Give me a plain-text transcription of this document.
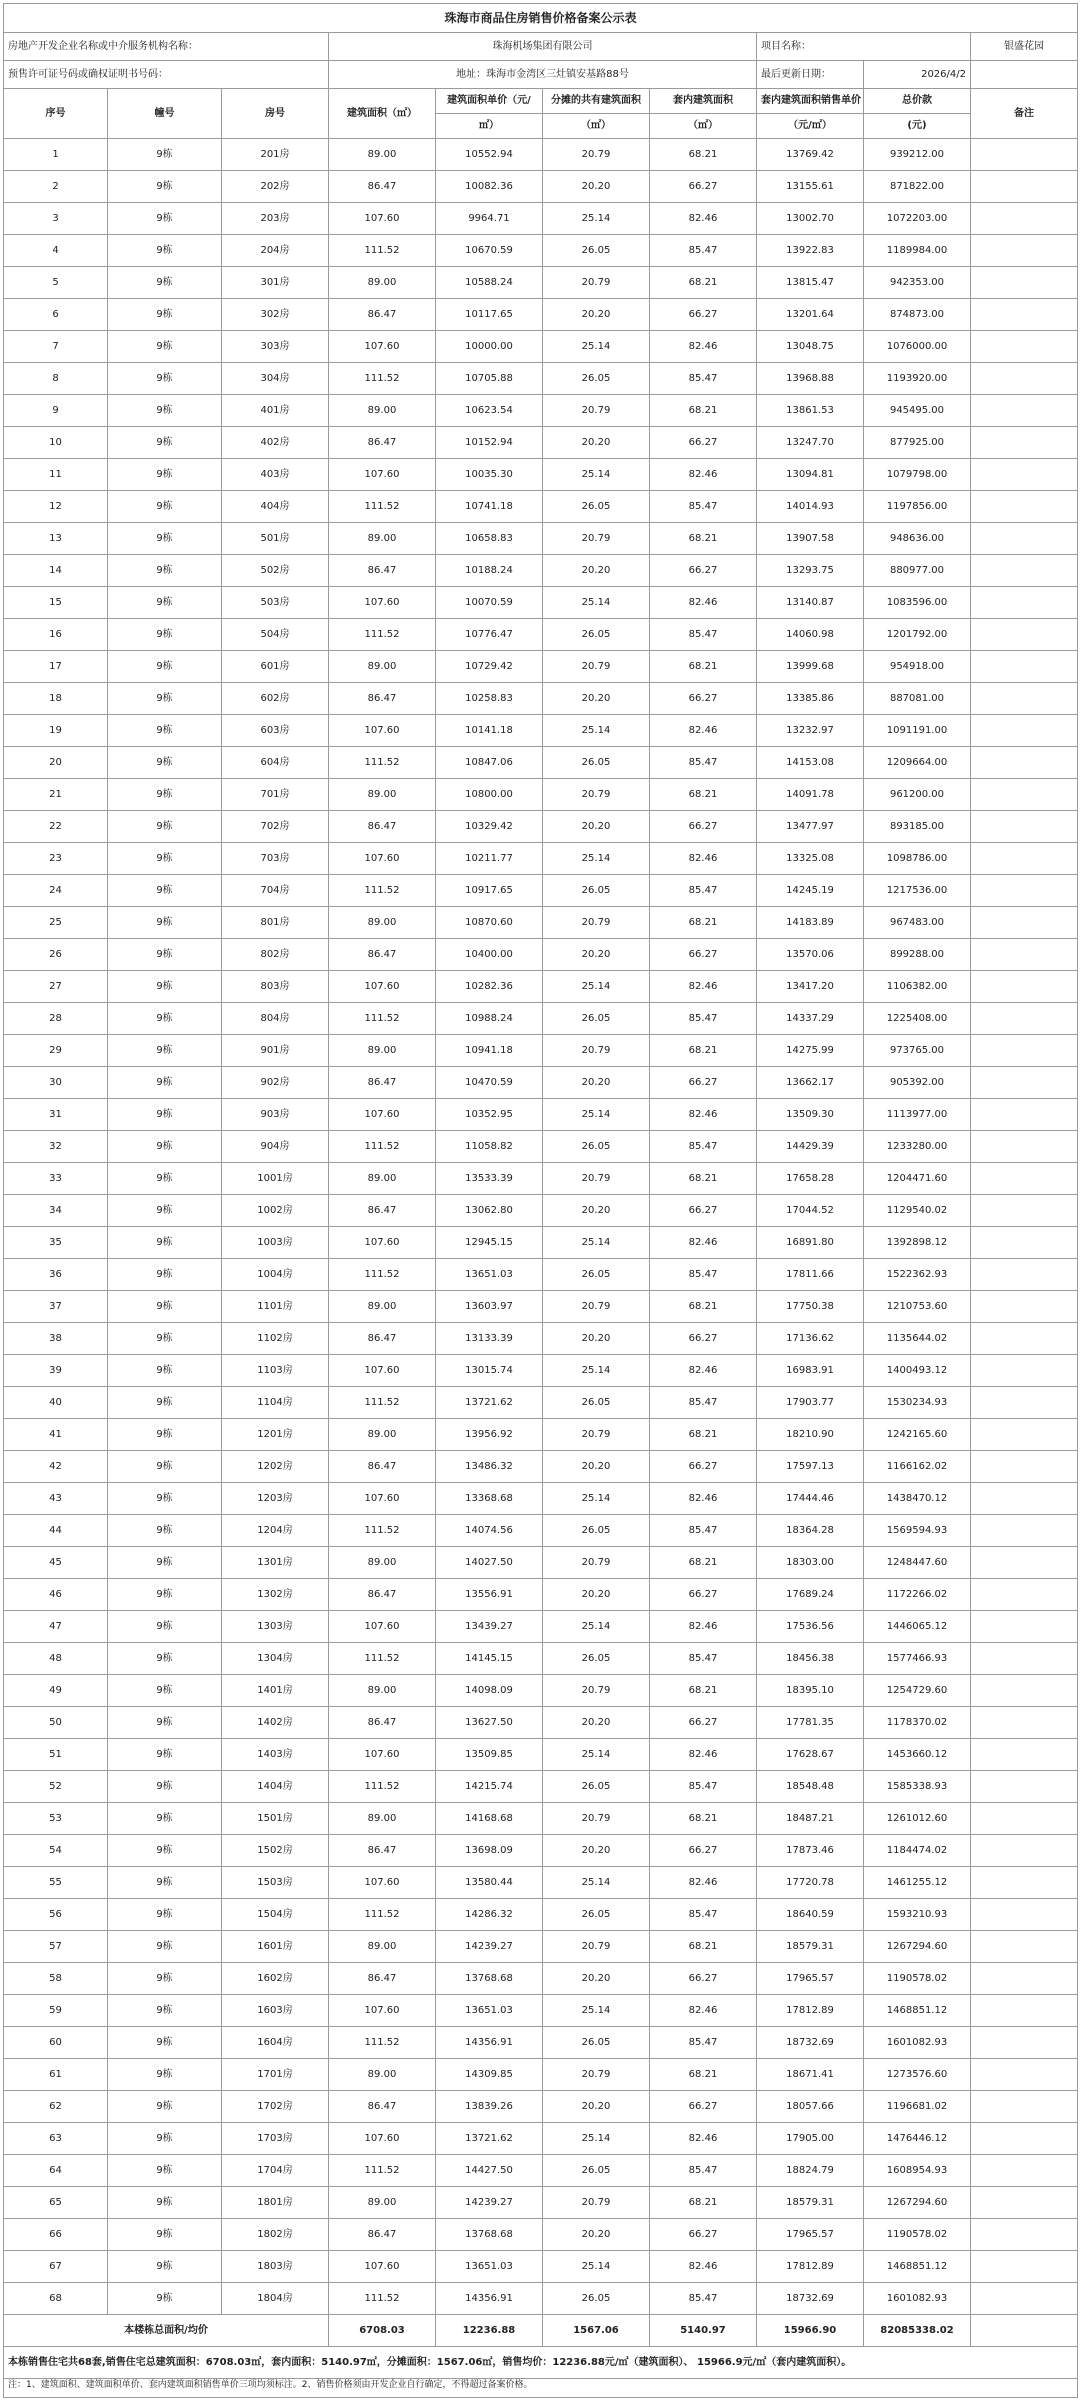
珠海市商品住房销售价格备案公示表									
房地产开发企业名称或中介服务机构名称：			珠海机场集团有限公司				项目名称：		银盛花园
预售许可证号码或确权证明书号码：			地址：珠海市金湾区三灶镇安基路88号				最后更新日期：	2026/4/2	
序号	幢号	房号	建筑面积（㎡）	建筑面积单价（元/	分摊的共有建筑面积	套内建筑面积	套内建筑面积销售单价	总价款	备注
				㎡）	（㎡）	（㎡）	（元/㎡）	(元)	
1	9栋	201房	89.00	10552.94	20.79	68.21	13769.42	939212.00	
2	9栋	202房	86.47	10082.36	20.20	66.27	13155.61	871822.00	
3	9栋	203房	107.60	9964.71	25.14	82.46	13002.70	1072203.00	
4	9栋	204房	111.52	10670.59	26.05	85.47	13922.83	1189984.00	
5	9栋	301房	89.00	10588.24	20.79	68.21	13815.47	942353.00	
6	9栋	302房	86.47	10117.65	20.20	66.27	13201.64	874873.00	
7	9栋	303房	107.60	10000.00	25.14	82.46	13048.75	1076000.00	
8	9栋	304房	111.52	10705.88	26.05	85.47	13968.88	1193920.00	
9	9栋	401房	89.00	10623.54	20.79	68.21	13861.53	945495.00	
10	9栋	402房	86.47	10152.94	20.20	66.27	13247.70	877925.00	
11	9栋	403房	107.60	10035.30	25.14	82.46	13094.81	1079798.00	
12	9栋	404房	111.52	10741.18	26.05	85.47	14014.93	1197856.00	
13	9栋	501房	89.00	10658.83	20.79	68.21	13907.58	948636.00	
14	9栋	502房	86.47	10188.24	20.20	66.27	13293.75	880977.00	
15	9栋	503房	107.60	10070.59	25.14	82.46	13140.87	1083596.00	
16	9栋	504房	111.52	10776.47	26.05	85.47	14060.98	1201792.00	
17	9栋	601房	89.00	10729.42	20.79	68.21	13999.68	954918.00	
18	9栋	602房	86.47	10258.83	20.20	66.27	13385.86	887081.00	
19	9栋	603房	107.60	10141.18	25.14	82.46	13232.97	1091191.00	
20	9栋	604房	111.52	10847.06	26.05	85.47	14153.08	1209664.00	
21	9栋	701房	89.00	10800.00	20.79	68.21	14091.78	961200.00	
22	9栋	702房	86.47	10329.42	20.20	66.27	13477.97	893185.00	
23	9栋	703房	107.60	10211.77	25.14	82.46	13325.08	1098786.00	
24	9栋	704房	111.52	10917.65	26.05	85.47	14245.19	1217536.00	
25	9栋	801房	89.00	10870.60	20.79	68.21	14183.89	967483.00	
26	9栋	802房	86.47	10400.00	20.20	66.27	13570.06	899288.00	
27	9栋	803房	107.60	10282.36	25.14	82.46	13417.20	1106382.00	
28	9栋	804房	111.52	10988.24	26.05	85.47	14337.29	1225408.00	
29	9栋	901房	89.00	10941.18	20.79	68.21	14275.99	973765.00	
30	9栋	902房	86.47	10470.59	20.20	66.27	13662.17	905392.00	
31	9栋	903房	107.60	10352.95	25.14	82.46	13509.30	1113977.00	
32	9栋	904房	111.52	11058.82	26.05	85.47	14429.39	1233280.00	
33	9栋	1001房	89.00	13533.39	20.79	68.21	17658.28	1204471.60	
34	9栋	1002房	86.47	13062.80	20.20	66.27	17044.52	1129540.02	
35	9栋	1003房	107.60	12945.15	25.14	82.46	16891.80	1392898.12	
36	9栋	1004房	111.52	13651.03	26.05	85.47	17811.66	1522362.93	
37	9栋	1101房	89.00	13603.97	20.79	68.21	17750.38	1210753.60	
38	9栋	1102房	86.47	13133.39	20.20	66.27	17136.62	1135644.02	
39	9栋	1103房	107.60	13015.74	25.14	82.46	16983.91	1400493.12	
40	9栋	1104房	111.52	13721.62	26.05	85.47	17903.77	1530234.93	
41	9栋	1201房	89.00	13956.92	20.79	68.21	18210.90	1242165.60	
42	9栋	1202房	86.47	13486.32	20.20	66.27	17597.13	1166162.02	
43	9栋	1203房	107.60	13368.68	25.14	82.46	17444.46	1438470.12	
44	9栋	1204房	111.52	14074.56	26.05	85.47	18364.28	1569594.93	
45	9栋	1301房	89.00	14027.50	20.79	68.21	18303.00	1248447.60	
46	9栋	1302房	86.47	13556.91	20.20	66.27	17689.24	1172266.02	
47	9栋	1303房	107.60	13439.27	25.14	82.46	17536.56	1446065.12	
48	9栋	1304房	111.52	14145.15	26.05	85.47	18456.38	1577466.93	
49	9栋	1401房	89.00	14098.09	20.79	68.21	18395.10	1254729.60	
50	9栋	1402房	86.47	13627.50	20.20	66.27	17781.35	1178370.02	
51	9栋	1403房	107.60	13509.85	25.14	82.46	17628.67	1453660.12	
52	9栋	1404房	111.52	14215.74	26.05	85.47	18548.48	1585338.93	
53	9栋	1501房	89.00	14168.68	20.79	68.21	18487.21	1261012.60	
54	9栋	1502房	86.47	13698.09	20.20	66.27	17873.46	1184474.02	
55	9栋	1503房	107.60	13580.44	25.14	82.46	17720.78	1461255.12	
56	9栋	1504房	111.52	14286.32	26.05	85.47	18640.59	1593210.93	
57	9栋	1601房	89.00	14239.27	20.79	68.21	18579.31	1267294.60	
58	9栋	1602房	86.47	13768.68	20.20	66.27	17965.57	1190578.02	
59	9栋	1603房	107.60	13651.03	25.14	82.46	17812.89	1468851.12	
60	9栋	1604房	111.52	14356.91	26.05	85.47	18732.69	1601082.93	
61	9栋	1701房	89.00	14309.85	20.79	68.21	18671.41	1273576.60	
62	9栋	1702房	86.47	13839.26	20.20	66.27	18057.66	1196681.02	
63	9栋	1703房	107.60	13721.62	25.14	82.46	17905.00	1476446.12	
64	9栋	1704房	111.52	14427.50	26.05	85.47	18824.79	1608954.93	
65	9栋	1801房	89.00	14239.27	20.79	68.21	18579.31	1267294.60	
66	9栋	1802房	86.47	13768.68	20.20	66.27	17965.57	1190578.02	
67	9栋	1803房	107.60	13651.03	25.14	82.46	17812.89	1468851.12	
68	9栋	1804房	111.52	14356.91	26.05	85.47	18732.69	1601082.93	
本楼栋总面积/均价			6708.03	12236.88	1567.06	5140.97	15966.90	82085338.02	
本栋销售住宅共68套,销售住宅总建筑面积：6708.03㎡，套内面积：5140.97㎡，分摊面积：1567.06㎡，销售均价：12236.88元/㎡（建筑面积）、 15966.9元/㎡（套内建筑面积）。									
注：1、建筑面积、建筑面积单价、套内建筑面积销售单价三项均须标注。2、销售价格须由开发企业自行确定，不得超过备案价格。									
